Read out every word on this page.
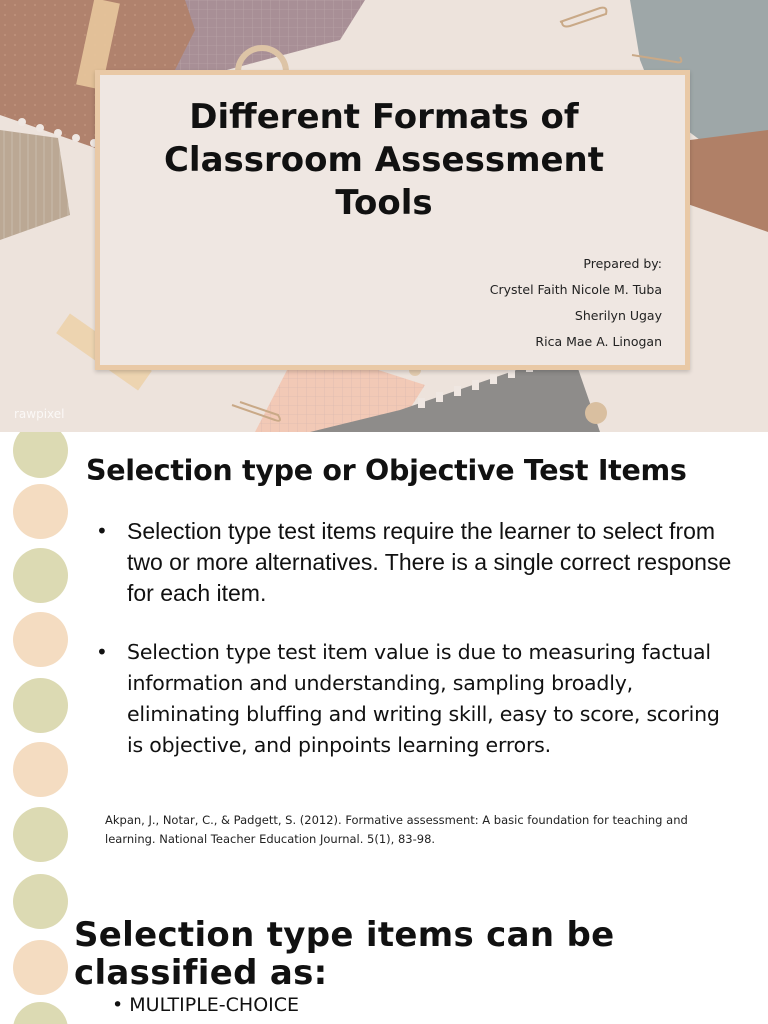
Different Formats of Classroom Assessment Tools
Prepared by:
Crystel Faith Nicole M. Tuba
Sherilyn Ugay
Rica Mae A. Linogan
rawpixel
Selection type or Objective Test Items
• Selection type test items require the learner to select from two or more alternatives. There is a single correct response for each item.

• Selection type test item value is due to measuring factual information and understanding, sampling broadly, eliminating bluffing and writing skill, easy to score, scoring is objective, and pinpoints learning errors.

Akpan, J., Notar, C., & Padgett, S. (2012). Formative assessment: A basic foundation for teaching and learning. National Teacher Education Journal. 5(1), 83-98.

Selection type items can be classified as:
• MULTIPLE-CHOICE
